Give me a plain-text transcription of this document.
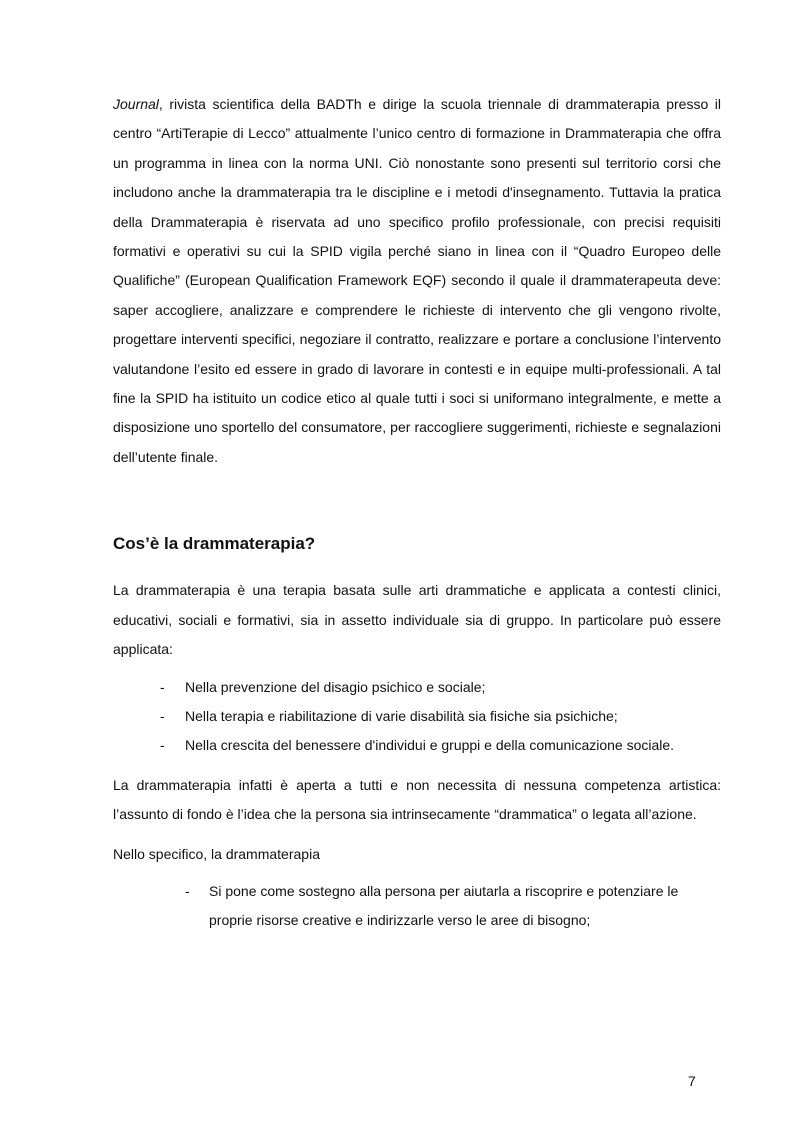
Journal, rivista scientifica della BADTh e dirige la scuola triennale di drammaterapia presso il centro “ArtiTerapie di Lecco” attualmente l’unico centro di formazione in Drammaterapia che offra un programma in linea con la norma UNI. Ciò nonostante sono presenti sul territorio corsi che includono anche la drammaterapia tra le discipline e i metodi d'insegnamento. Tuttavia la pratica della Drammaterapia è riservata ad uno specifico profilo professionale, con precisi requisiti formativi e operativi su cui la SPID vigila perché siano in linea con il “Quadro Europeo delle Qualifiche” (European Qualification Framework EQF) secondo il quale il drammaterapeuta deve: saper accogliere, analizzare e comprendere le richieste di intervento che gli vengono rivolte, progettare interventi specifici, negoziare il contratto, realizzare e portare a conclusione l’intervento valutandone l’esito ed essere in grado di lavorare in contesti e in equipe multi-professionali. A tal fine la SPID ha istituito un codice etico al quale tutti i soci si uniformano integralmente, e mette a disposizione uno sportello del consumatore, per raccogliere suggerimenti, richieste e segnalazioni dell’utente finale.

Cos’è la drammaterapia?

La drammaterapia è una terapia basata sulle arti drammatiche e applicata a contesti clinici, educativi, sociali e formativi, sia in assetto individuale sia di gruppo. In particolare può essere applicata:

- Nella prevenzione del disagio psichico e sociale;
- Nella terapia e riabilitazione di varie disabilità sia fisiche sia psichiche;
- Nella crescita del benessere d'individui e gruppi e della comunicazione sociale.

La drammaterapia infatti è aperta a tutti e non necessita di nessuna competenza artistica: l’assunto di fondo è l’idea che la persona sia intrinsecamente “drammatica” o legata all’azione.

Nello specifico, la drammaterapia

- Si pone come sostegno alla persona per aiutarla a riscoprire e potenziare le proprie risorse creative e indirizzarle verso le aree di bisogno;
7
